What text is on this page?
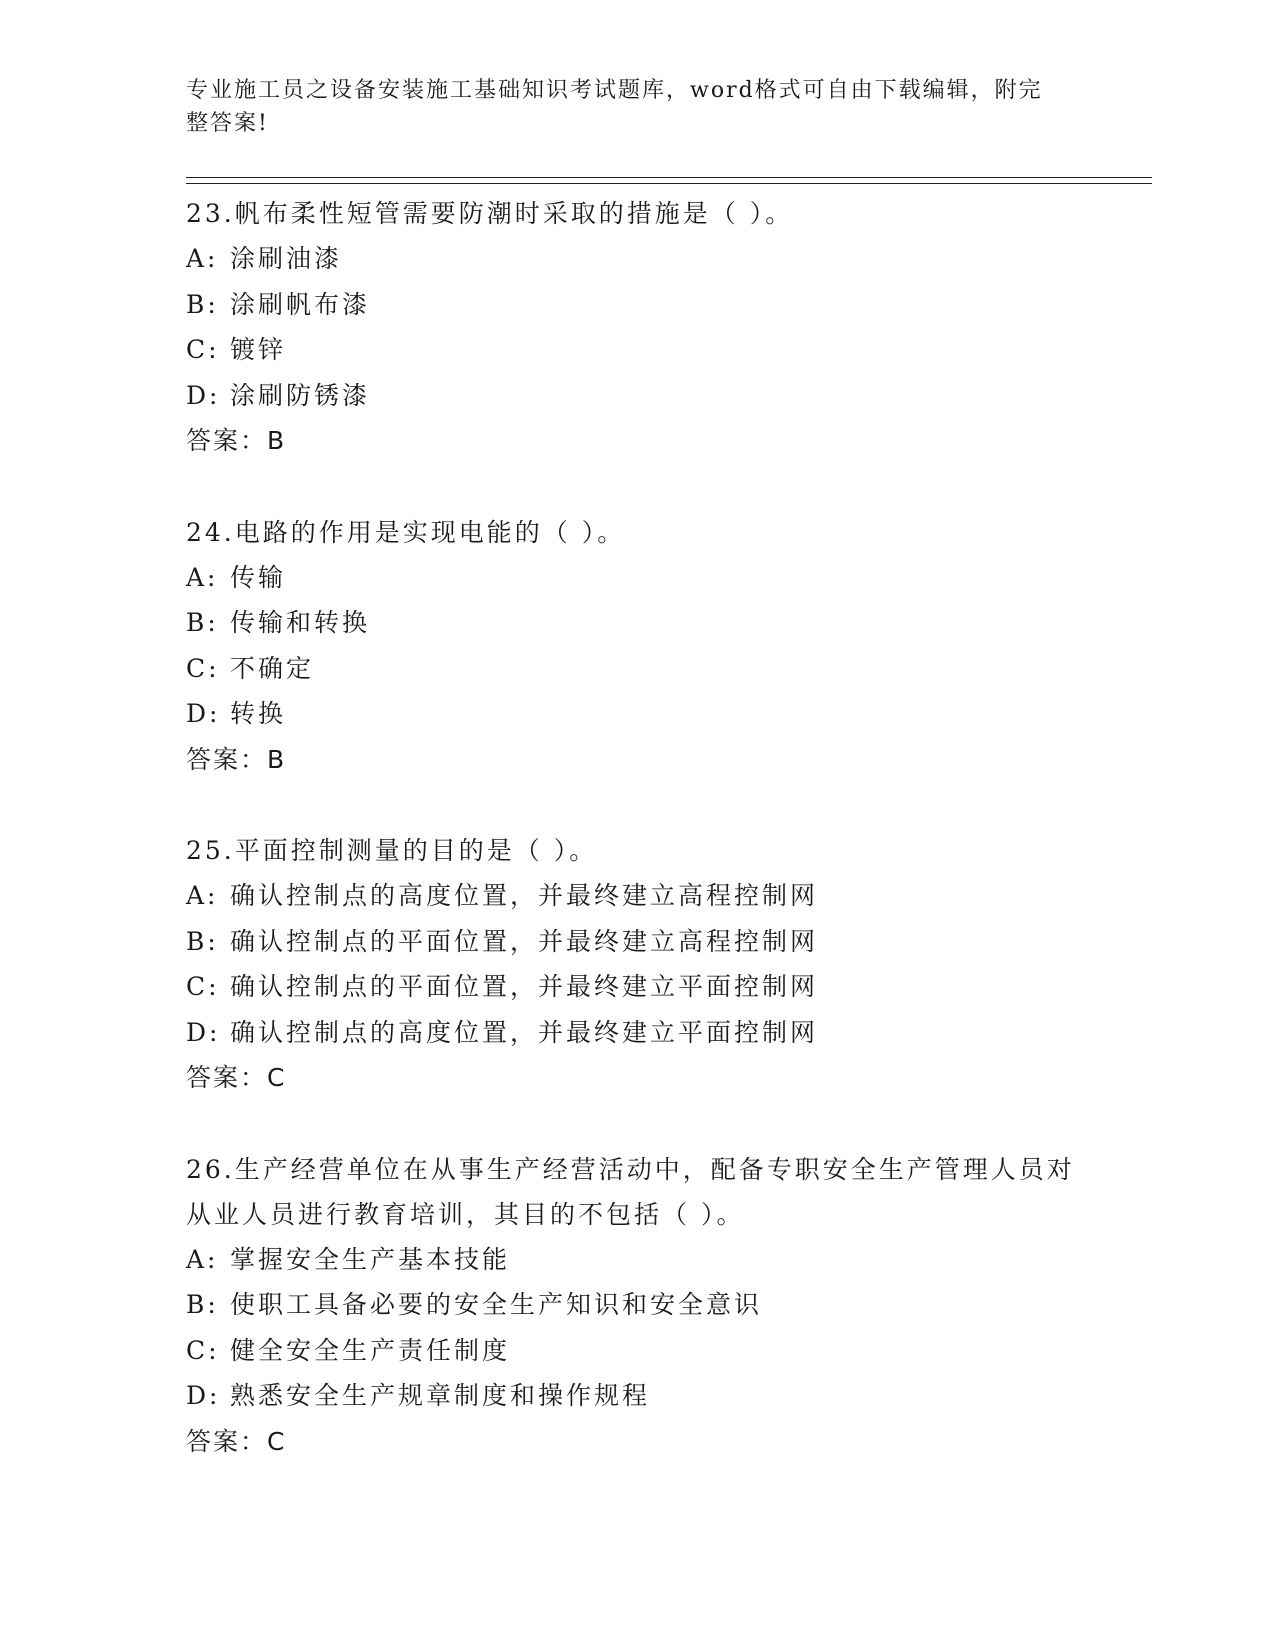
专业施工员之设备安装施工基础知识考试题库，word格式可自由下载编辑，附完整答案!

23.帆布柔性短管需要防潮时采取的措施是（ ）。

A: 涂刷油漆

B: 涂刷帆布漆

C: 镀锌

D: 涂刷防锈漆

答案：B

24.电路的作用是实现电能的（ ）。

A: 传输

B: 传输和转换

C: 不确定

D: 转换

答案：B

25.平面控制测量的目的是（ ）。

A: 确认控制点的高度位置，并最终建立高程控制网

B: 确认控制点的平面位置，并最终建立高程控制网

C: 确认控制点的平面位置，并最终建立平面控制网

D: 确认控制点的高度位置，并最终建立平面控制网

答案：C

26.生产经营单位在从事生产经营活动中，配备专职安全生产管理人员对从业人员进行教育培训，其目的不包括（ ）。

A: 掌握安全生产基本技能

B: 使职工具备必要的安全生产知识和安全意识

C: 健全安全生产责任制度

D: 熟悉安全生产规章制度和操作规程

答案：C
